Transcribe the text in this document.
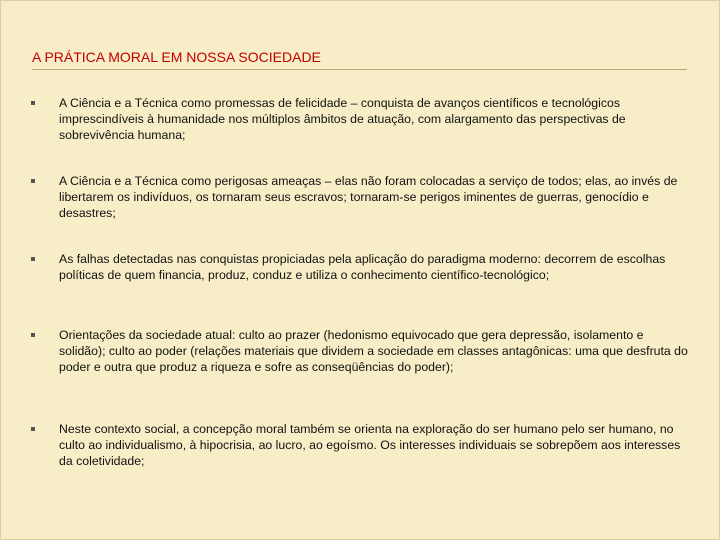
A PRÁTICA MORAL EM NOSSA SOCIEDADE
A Ciência e a Técnica como promessas de felicidade – conquista de avanços científicos e tecnológicos imprescindíveis à humanidade nos múltiplos âmbitos de atuação, com alargamento das perspectivas de sobrevivência humana;
A Ciência e a Técnica como perigosas ameaças – elas não foram colocadas a serviço de todos; elas, ao invés de libertarem os indivíduos, os tornaram seus escravos; tornaram-se perigos iminentes de guerras, genocídio e desastres;
As falhas detectadas nas conquistas propiciadas pela aplicação do paradigma moderno: decorrem de escolhas políticas de quem financia, produz, conduz e utiliza o conhecimento científico-tecnológico;
Orientações da sociedade atual: culto ao prazer (hedonismo equivocado que gera depressão, isolamento e solidão); culto ao poder (relações materiais que dividem a sociedade em classes antagônicas: uma que desfruta do poder e outra que produz a riqueza e sofre as conseqüências do poder);
Neste contexto social, a concepção moral também se orienta na exploração do ser humano pelo ser humano, no culto ao individualismo, à hipocrisia, ao lucro, ao egoísmo. Os interesses individuais se sobrepõem aos interesses da coletividade;
